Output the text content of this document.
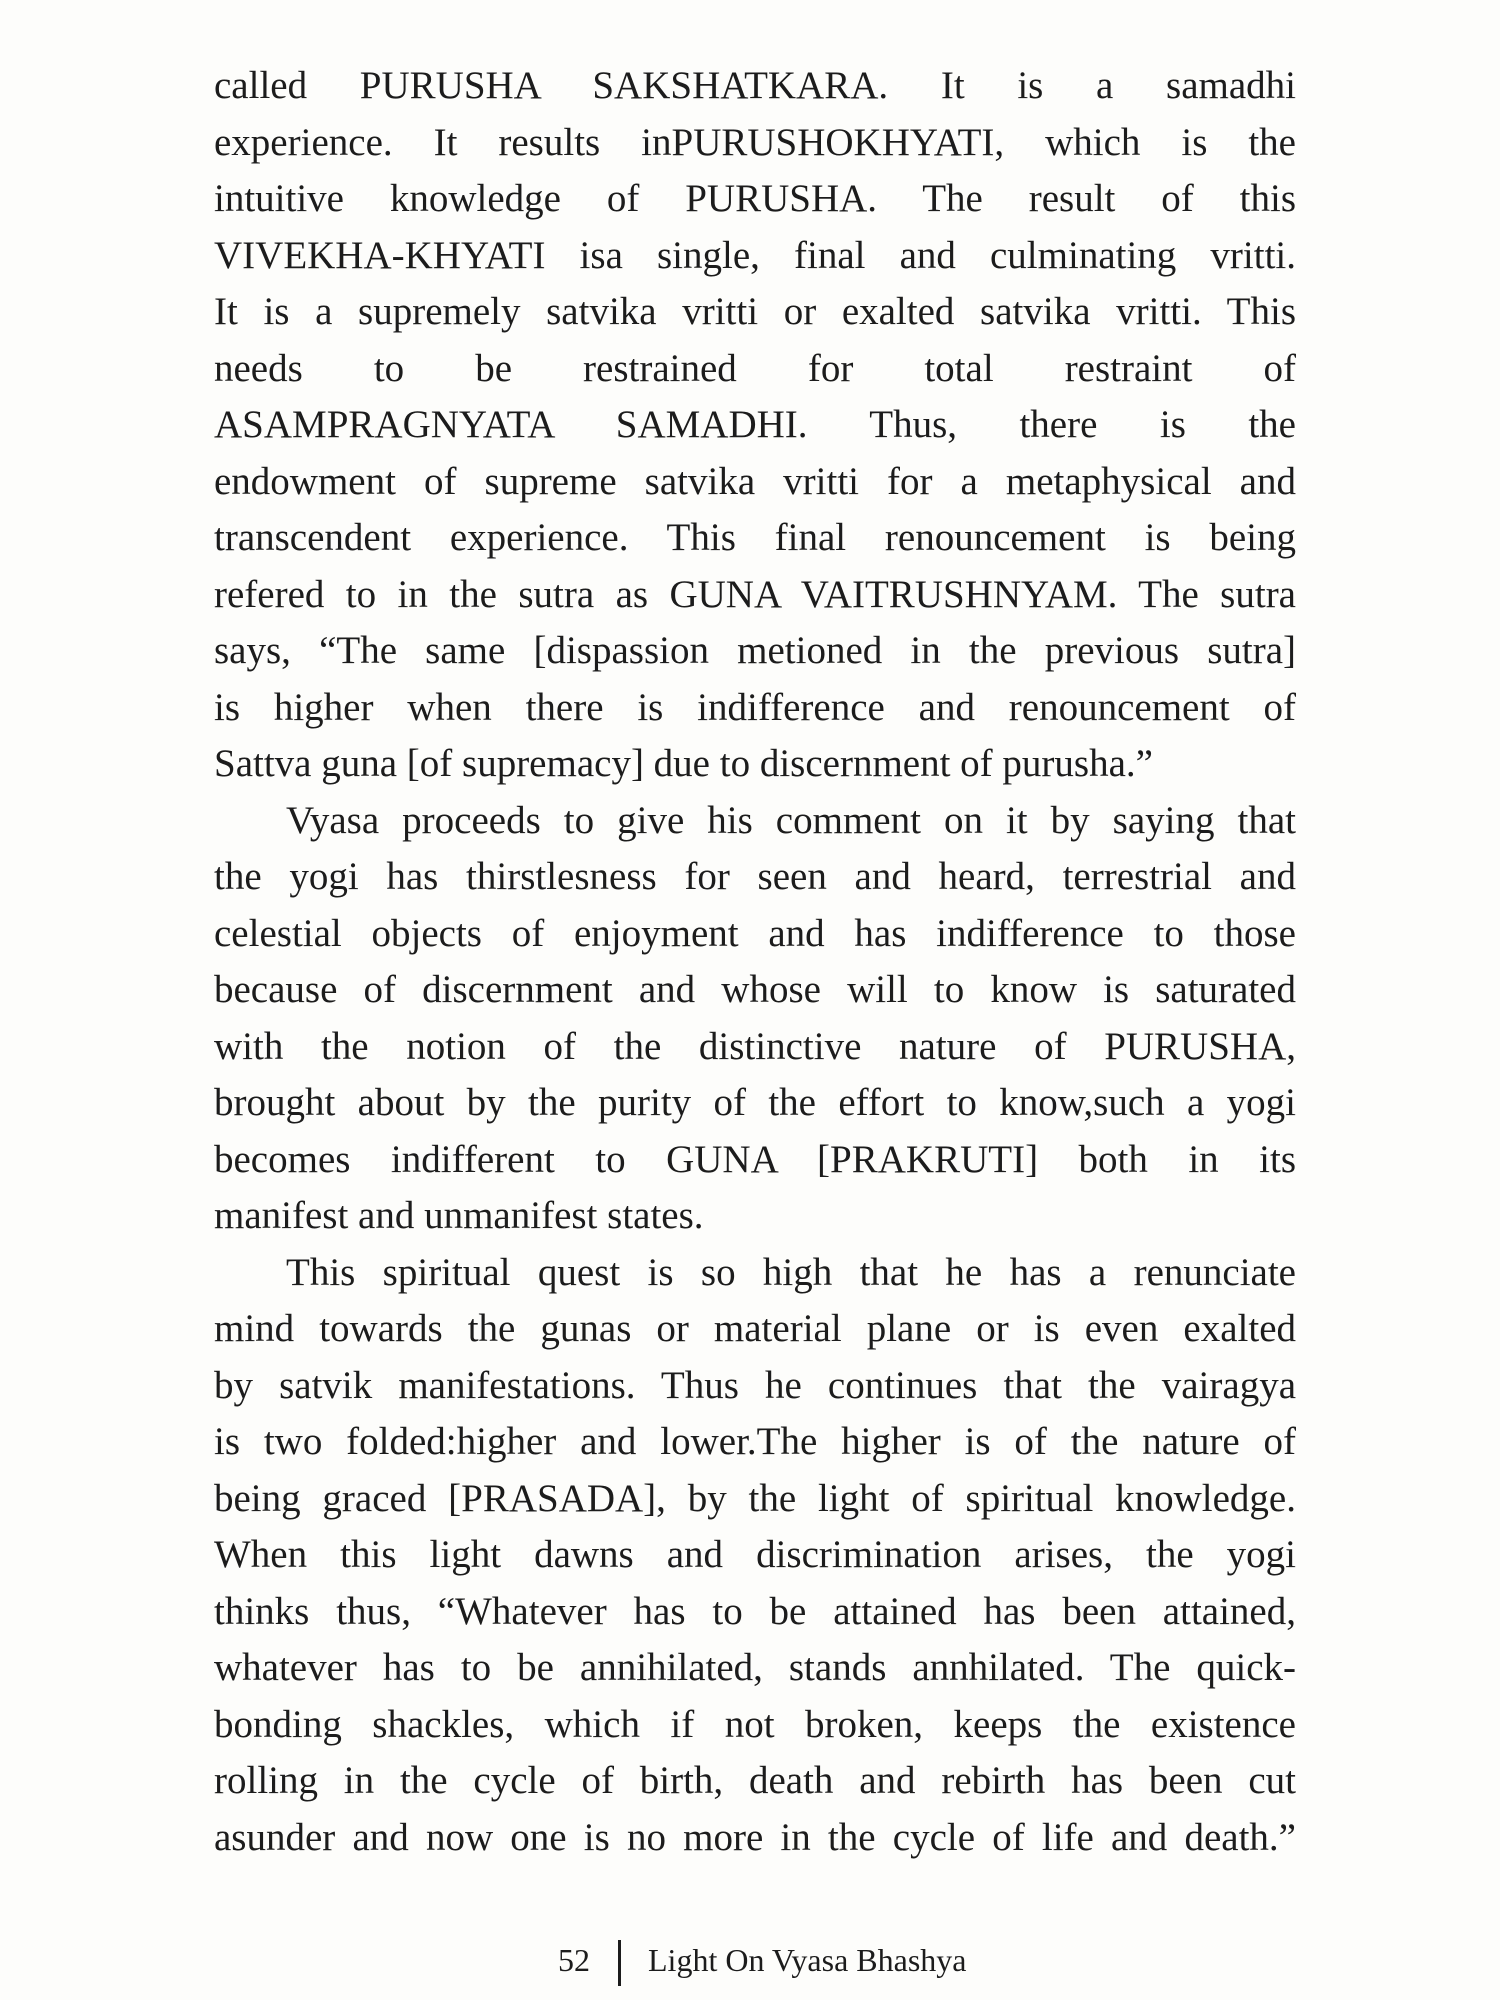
called PURUSHA SAKSHATKARA. It is a samadhi
experience. It results inPURUSHOKHYATI, which is the
intuitive knowledge of PURUSHA. The result of this
VIVEKHA-KHYATI isa single, final and culminating vritti.
It is a supremely satvika vritti or exalted satvika vritti. This
needs to be restrained for total restraint of
ASAMPRAGNYATA SAMADHI. Thus, there is the
endowment of supreme satvika vritti for a metaphysical and
transcendent experience. This final renouncement is being
refered to in the sutra as GUNA VAITRUSHNYAM. The sutra
says, “The same [dispassion metioned in the previous sutra]
is higher when there is indifference and renouncement of
Sattva guna [of supremacy] due to discernment of purusha.”
Vyasa proceeds to give his comment on it by saying that
the yogi has thirstlesness for seen and heard, terrestrial and
celestial objects of enjoyment and has indifference to those
because of discernment and whose will to know is saturated
with the notion of the distinctive nature of PURUSHA,
brought about by the purity of the effort to know,such a yogi
becomes indifferent to GUNA [PRAKRUTI] both in its
manifest and unmanifest states.
This spiritual quest is so high that he has a renunciate
mind towards the gunas or material plane or is even exalted
by satvik manifestations. Thus he continues that the vairagya
is two folded:higher and lower.The higher is of the nature of
being graced [PRASADA], by the light of spiritual knowledge.
When this light dawns and discrimination arises, the yogi
thinks thus, “Whatever has to be attained has been attained,
whatever has to be annihilated, stands annhilated. The quick-
bonding shackles, which if not broken, keeps the existence
rolling in the cycle of birth, death and rebirth has been cut
asunder and now one is no more in the cycle of life and death.”
52 Light On Vyasa Bhashya
